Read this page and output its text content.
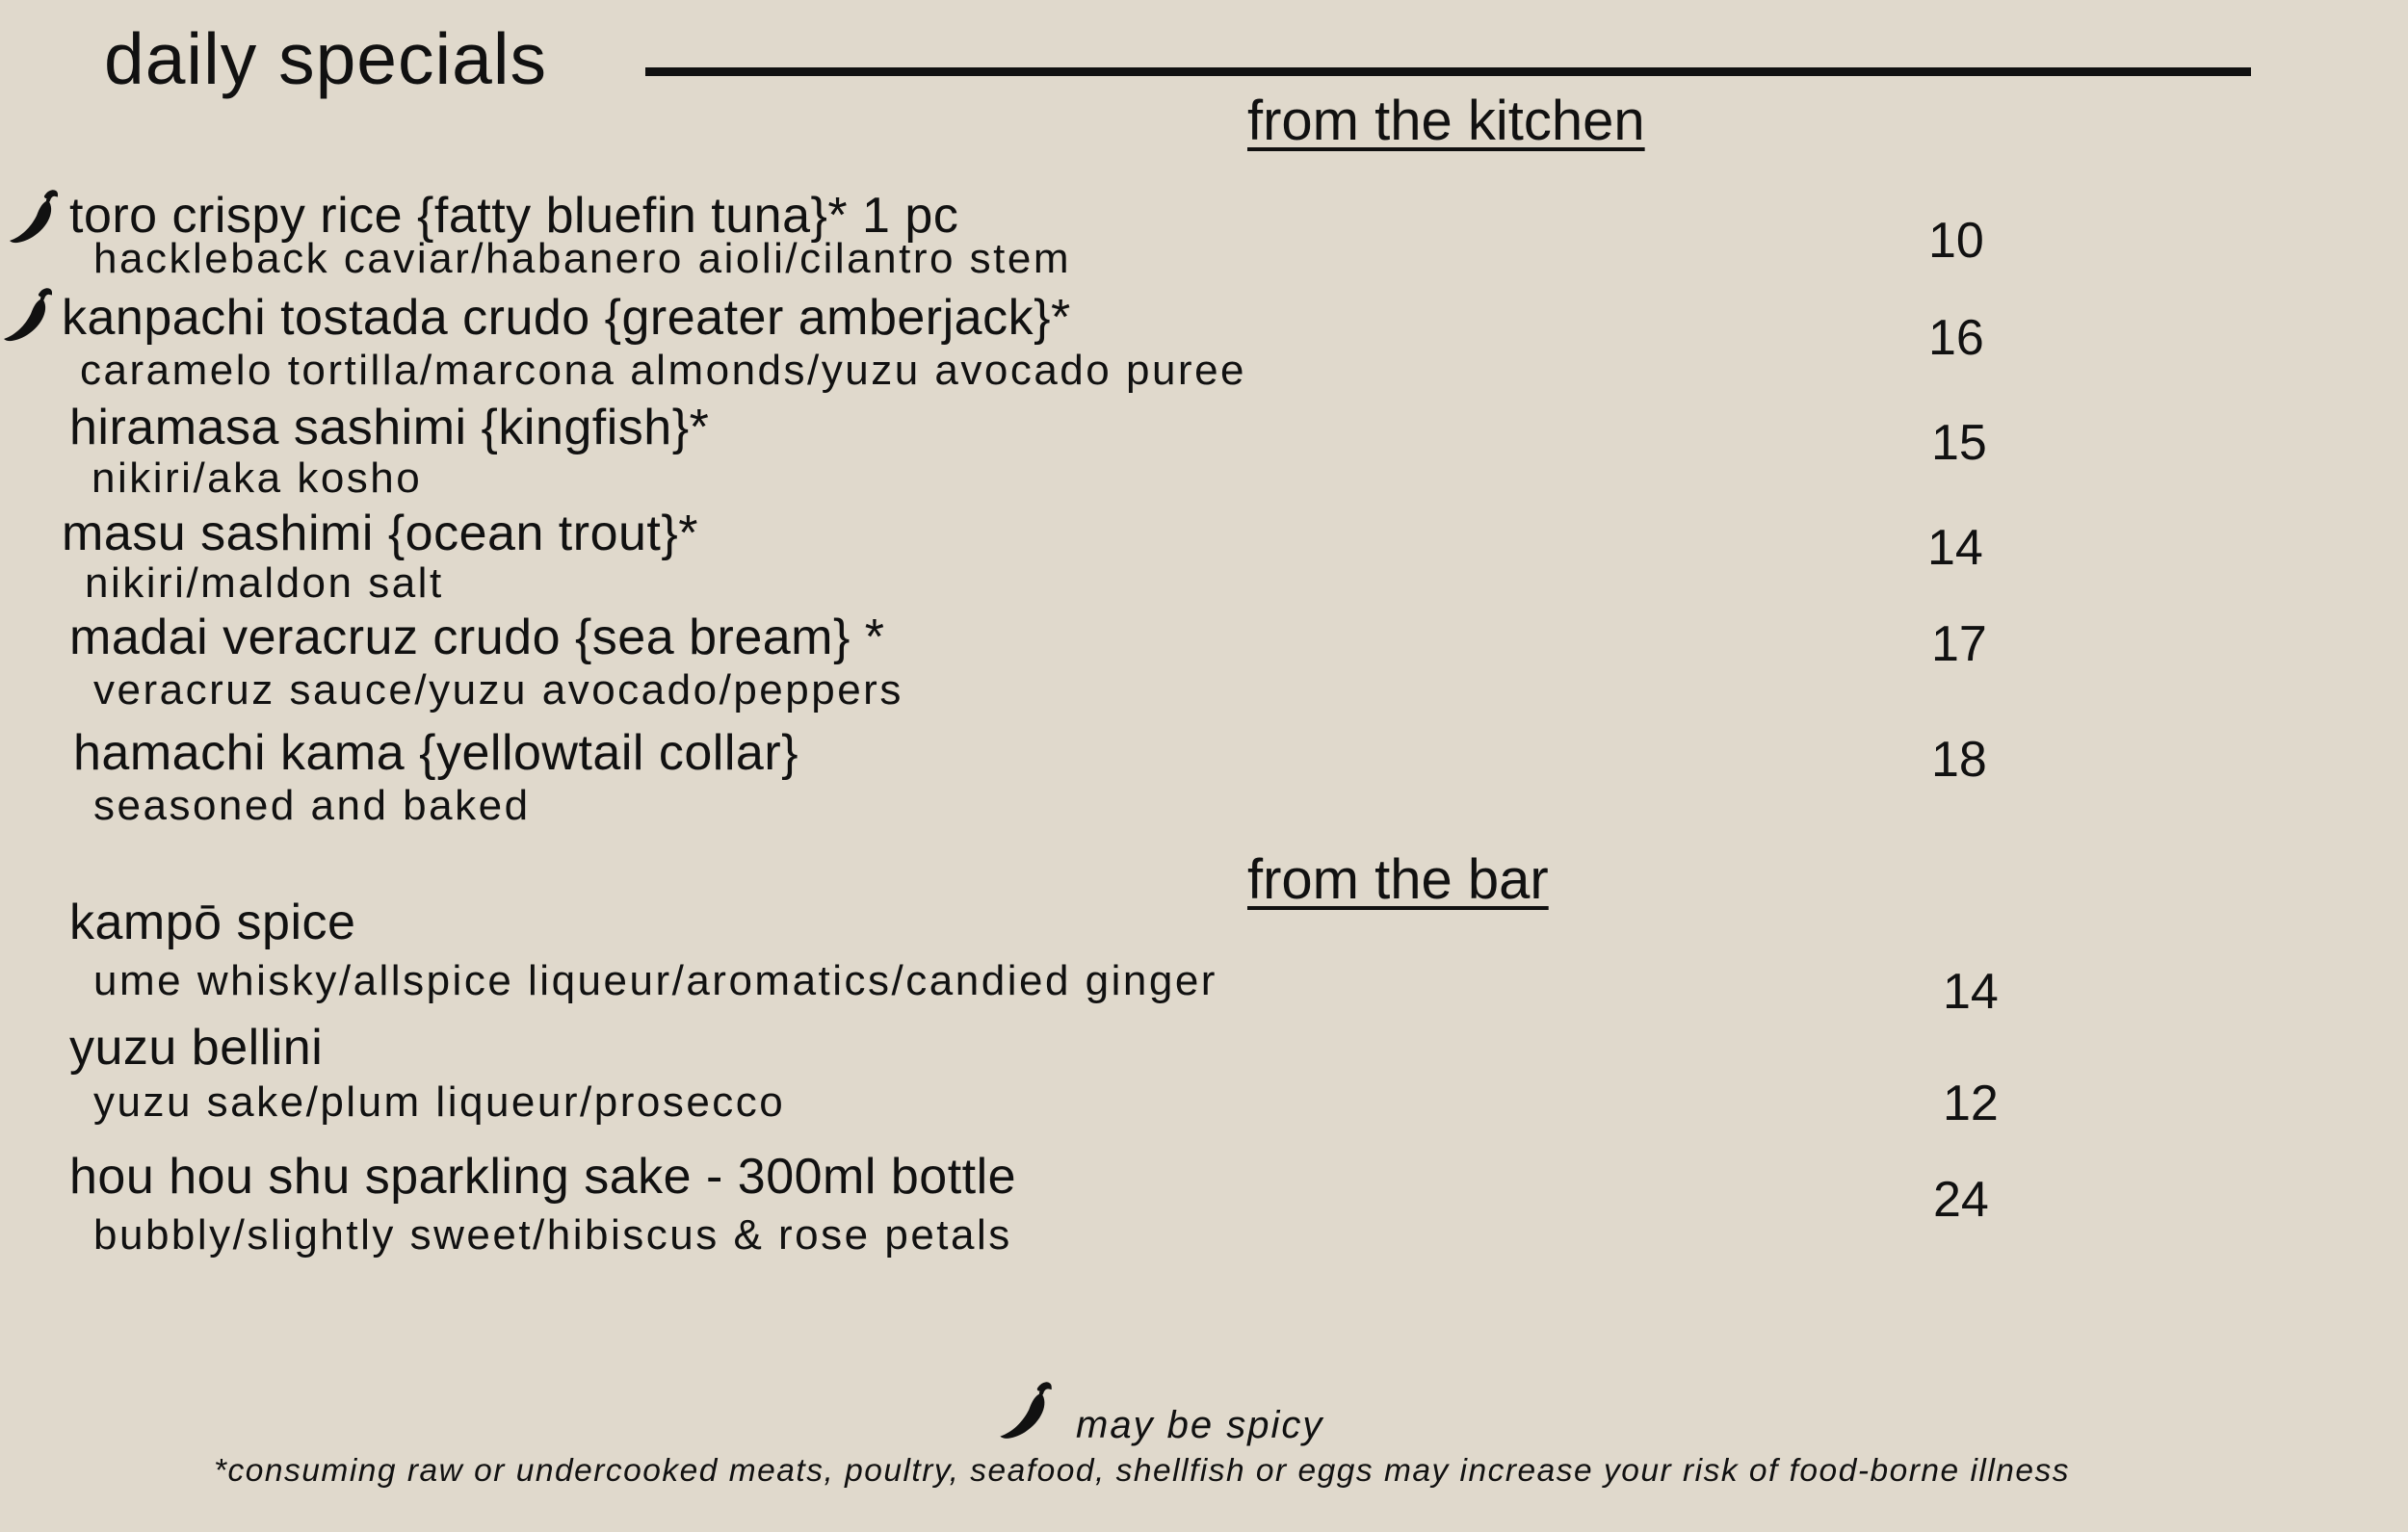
daily specials
from the kitchen
toro crispy rice {fatty bluefin tuna}* 1 pc
hackleback caviar/habanero aioli/cilantro stem	10
kanpachi tostada crudo {greater amberjack}*
caramelo tortilla/marcona almonds/yuzu avocado puree
16
hiramasa sashimi {kingfish}*
nikiri/aka kosho
15
masu sashimi {ocean trout}*
nikiri/maldon salt
14
madai veracruz crudo {sea bream} *
veracruz sauce/yuzu avocado/peppers
17
hamachi kama {yellowtail collar}
seasoned and baked
18
from the bar
kampō spice
ume whisky/allspice liqueur/aromatics/candied ginger	14
yuzu bellini
yuzu sake/plum liqueur/prosecco	12
hou hou shu sparkling sake - 300ml bottle
bubbly/slightly sweet/hibiscus & rose petals
24
may be spicy
*consuming raw or undercooked meats, poultry, seafood, shellfish or eggs may increase your risk of food-borne illness
